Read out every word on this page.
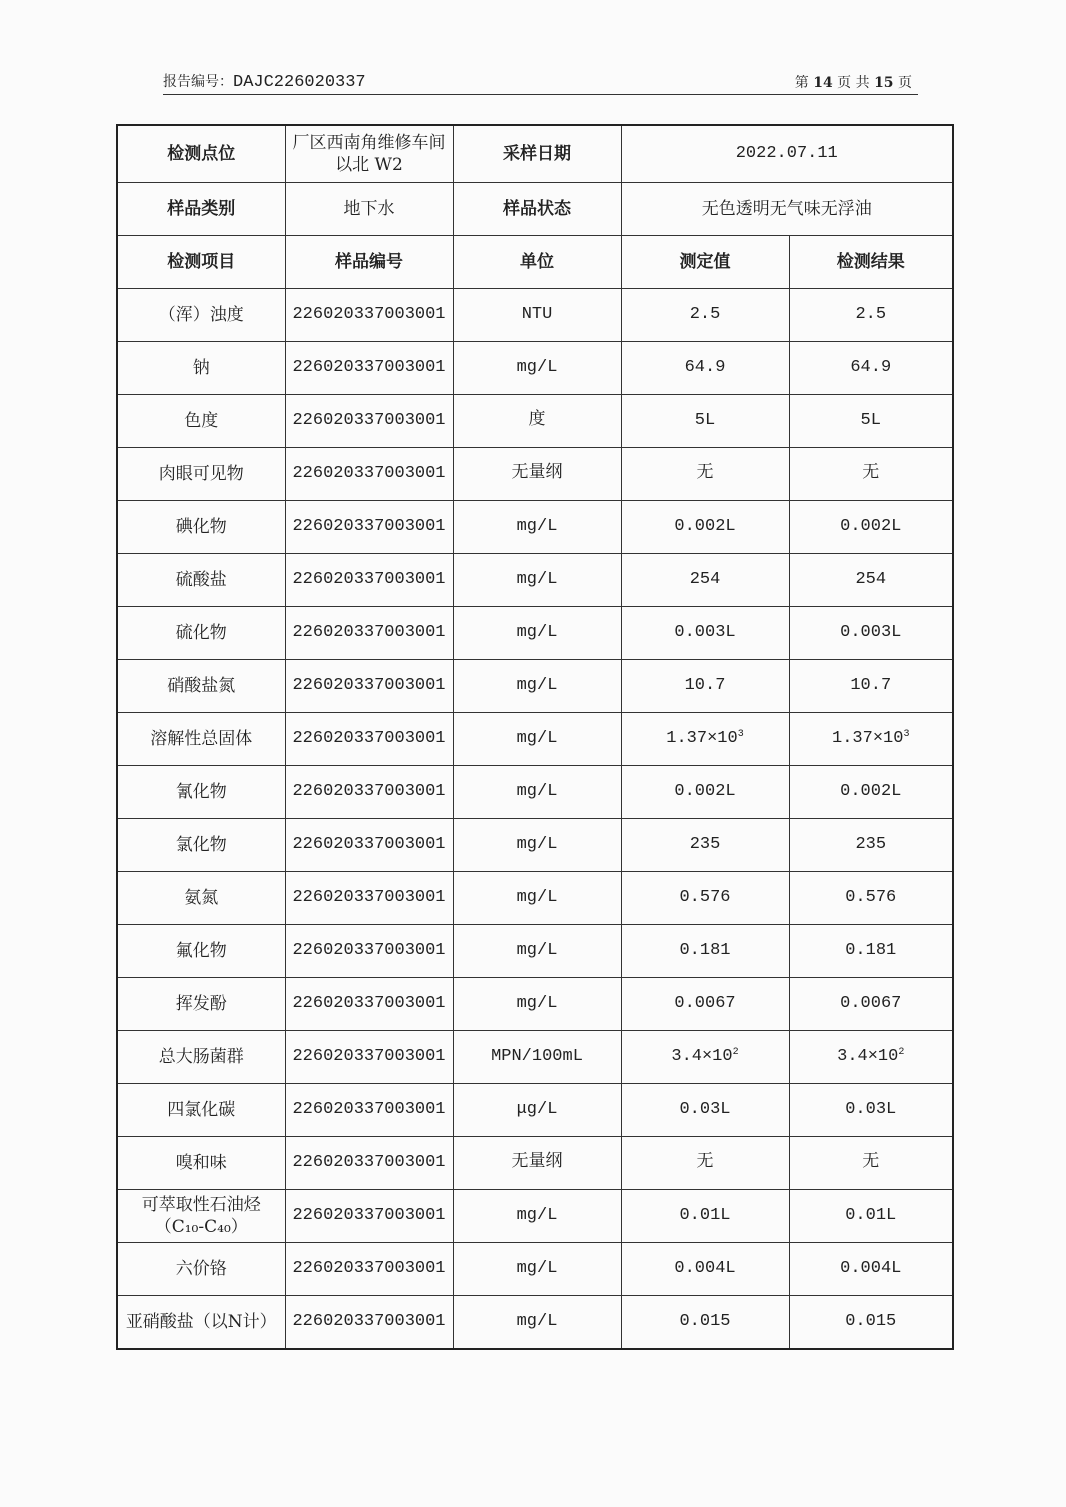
报告编号：DAJC226020337	第 14 页 共 15 页
检测点位	厂区西南角维修车间以北 W2	采样日期	2022.07.11	
样品类别	地下水	样品状态	无色透明无气味无浮油	
检测项目	样品编号	单位	测定值	检测结果
（浑）浊度	226020337003001	NTU	2.5	2.5
钠	226020337003001	mg/L	64.9	64.9
色度	226020337003001	度	5L	5L
肉眼可见物	226020337003001	无量纲	无	无
碘化物	226020337003001	mg/L	0.002L	0.002L
硫酸盐	226020337003001	mg/L	254	254
硫化物	226020337003001	mg/L	0.003L	0.003L
硝酸盐氮	226020337003001	mg/L	10.7	10.7
溶解性总固体	226020337003001	mg/L	$1.37\times 10^3$	$1.37\times 10^3$
氰化物	226020337003001	mg/L	0.002L	0.002L
氯化物	226020337003001	mg/L	235	235
氨氮	226020337003001	mg/L	0.576	0.576
氟化物	226020337003001	mg/L	0.181	0.181
挥发酚	226020337003001	mg/L	0.0067	0.0067
总大肠菌群	226020337003001	MPN/100mL	$3.4\times 10^2$	$3.4\times 10^2$
四氯化碳	226020337003001	μg/L	0.03L	0.03L
嗅和味	226020337003001	无量纲	无	无
可萃取性石油烃（C₁₀-C₄₀）	226020337003001	mg/L	0.01L	0.01L
六价铬	226020337003001	mg/L	0.004L	0.004L
亚硝酸盐（以N计）	226020337003001	mg/L	0.015	0.015
